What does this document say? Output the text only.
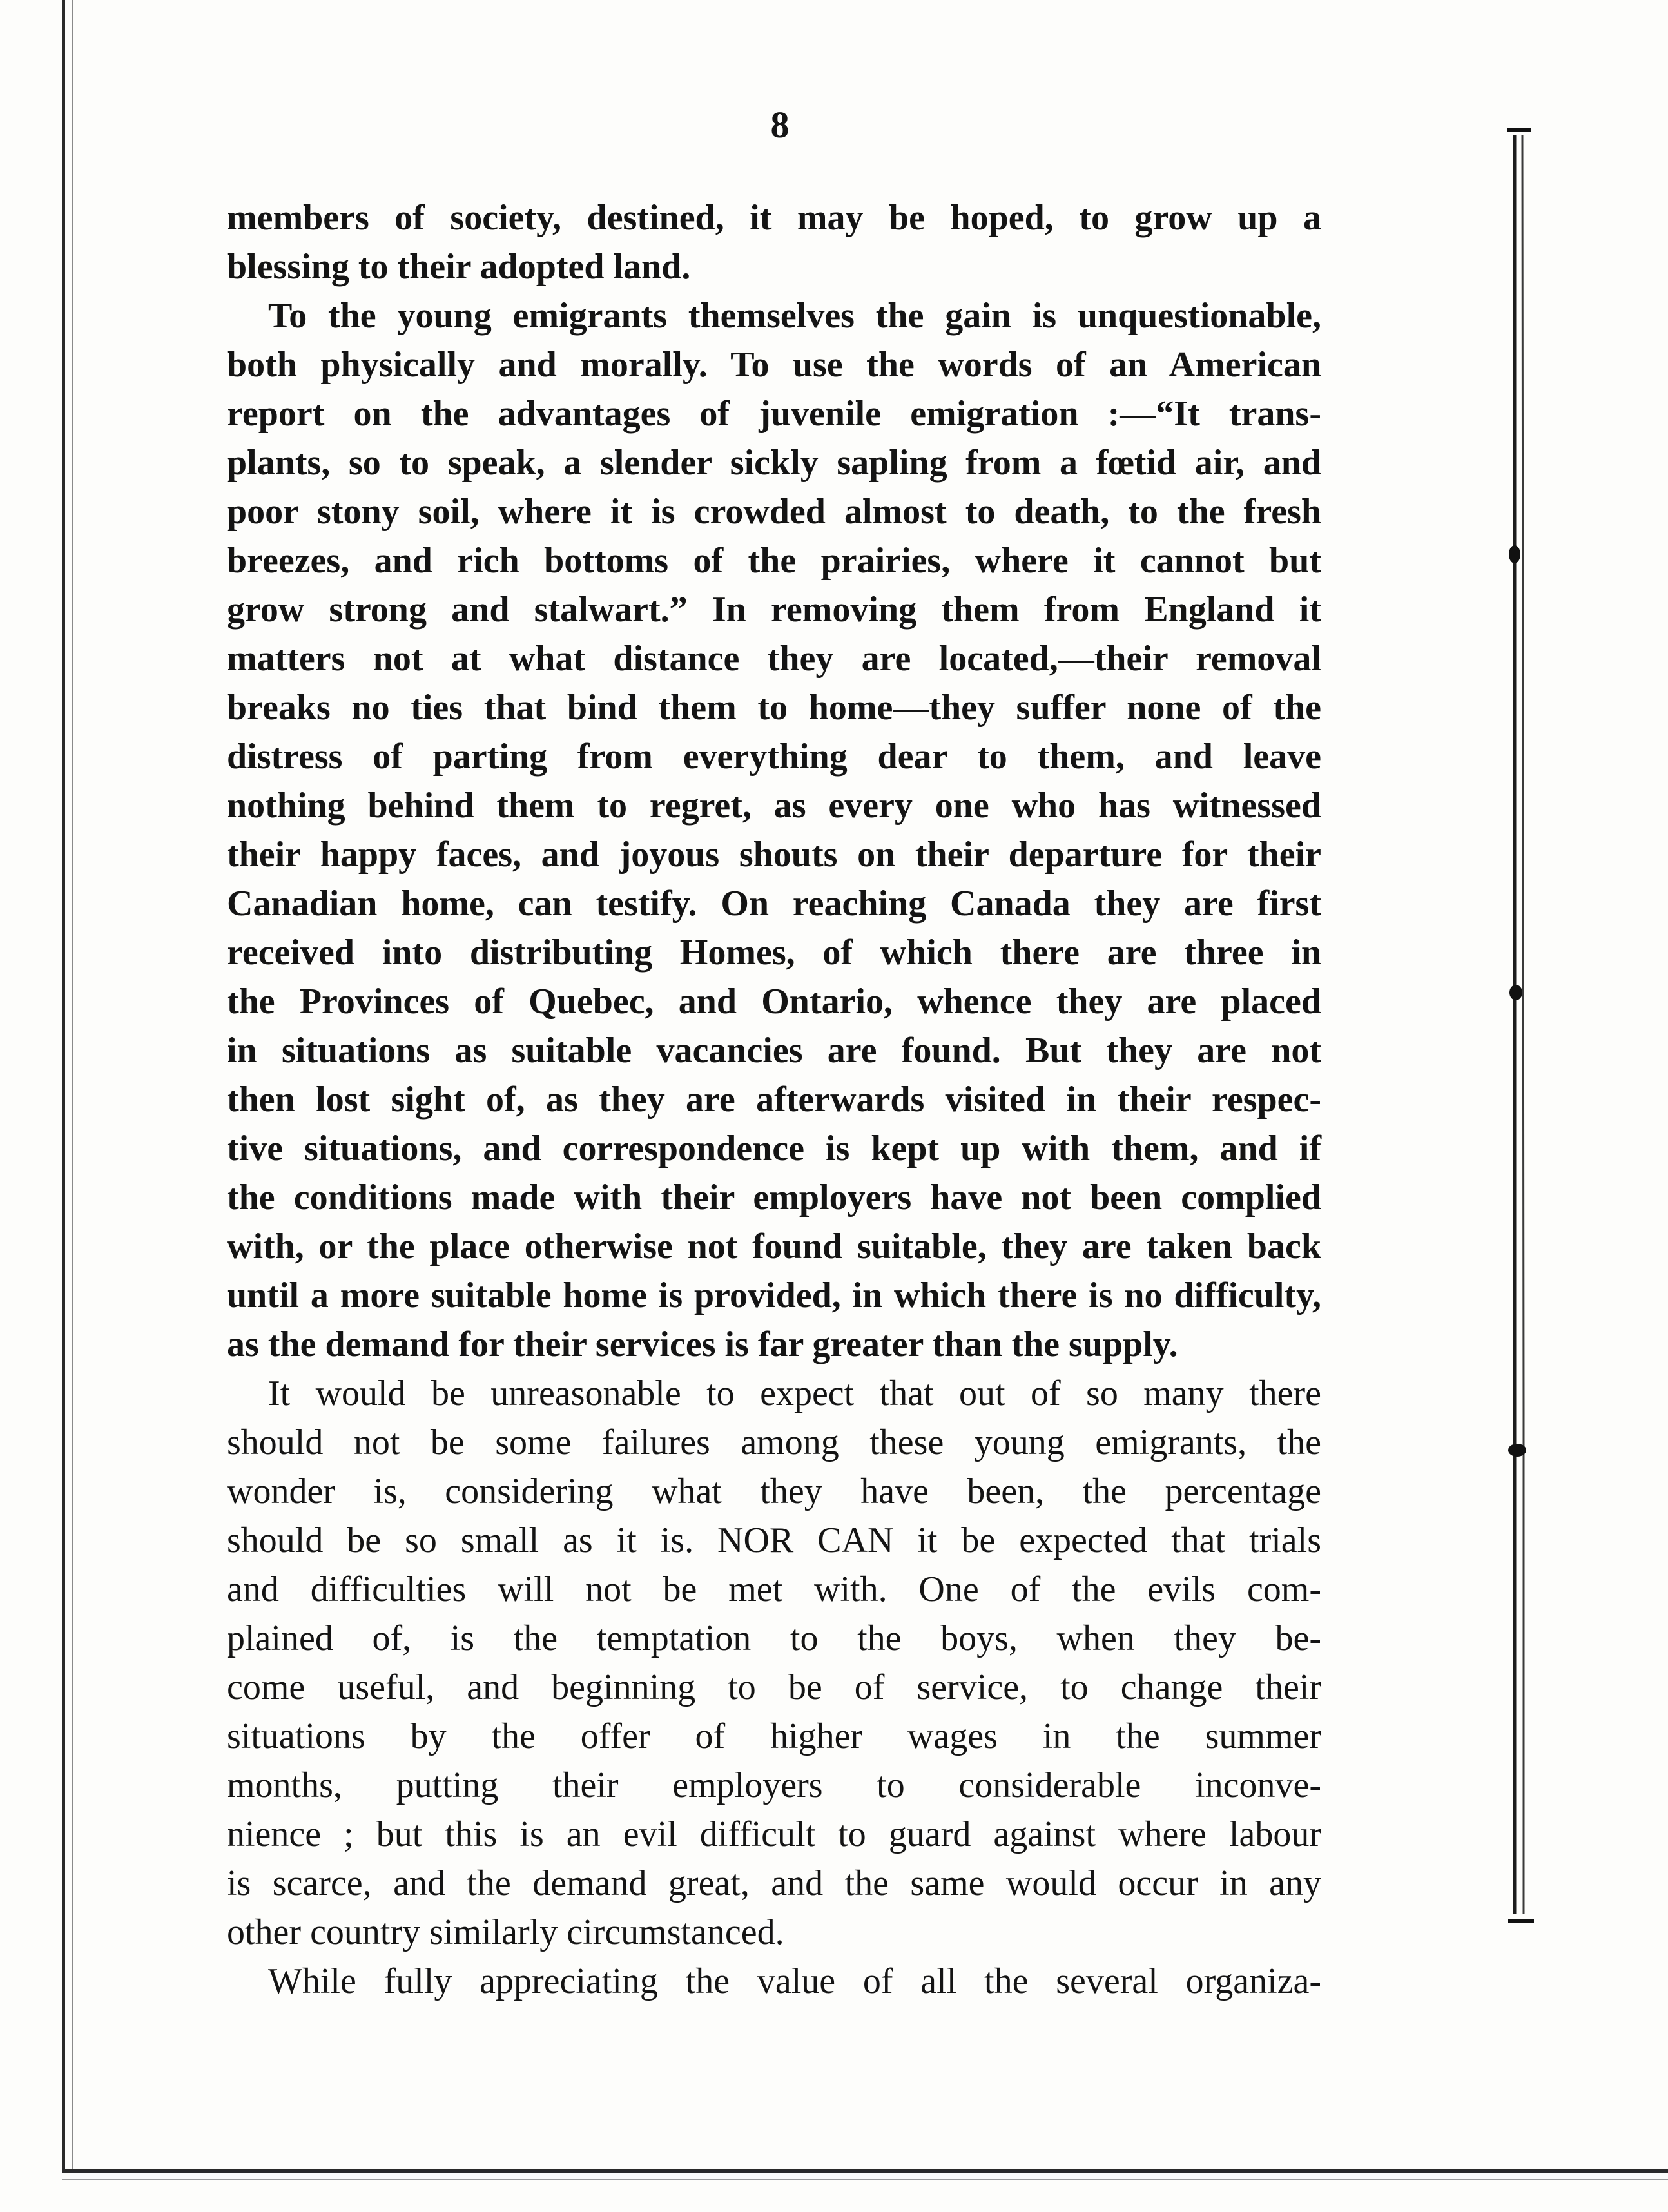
8
members of society, destined, it may be hoped, to grow up a
blessing to their adopted land.
To the young emigrants themselves the gain is unquestionable,
both physically and morally. To use the words of an American
report on the advantages of juvenile emigration :—“It trans-
plants, so to speak, a slender sickly sapling from a fœtid air, and
poor stony soil, where it is crowded almost to death, to the fresh
breezes, and rich bottoms of the prairies, where it cannot but
grow strong and stalwart.” In removing them from England it
matters not at what distance they are located,—their removal
breaks no ties that bind them to home—they suffer none of the
distress of parting from everything dear to them, and leave
nothing behind them to regret, as every one who has witnessed
their happy faces, and joyous shouts on their departure for their
Canadian home, can testify. On reaching Canada they are first
received into distributing Homes, of which there are three in
the Provinces of Quebec, and Ontario, whence they are placed
in situations as suitable vacancies are found. But they are not
then lost sight of, as they are afterwards visited in their respec-
tive situations, and correspondence is kept up with them, and if
the conditions made with their employers have not been complied
with, or the place otherwise not found suitable, they are taken back
until a more suitable home is provided, in which there is no difficulty,
as the demand for their services is far greater than the supply.
It would be unreasonable to expect that out of so many there
should not be some failures among these young emigrants, the
wonder is, considering what they have been, the percentage
should be so small as it is. NOR CAN it be expected that trials
and difficulties will not be met with. One of the evils com-
plained of, is the temptation to the boys, when they be-
come useful, and beginning to be of service, to change their
situations by the offer of higher wages in the summer
months, putting their employers to considerable inconve-
nience ; but this is an evil difficult to guard against where labour
is scarce, and the demand great, and the same would occur in any
other country similarly circumstanced.
While fully appreciating the value of all the several organiza-
